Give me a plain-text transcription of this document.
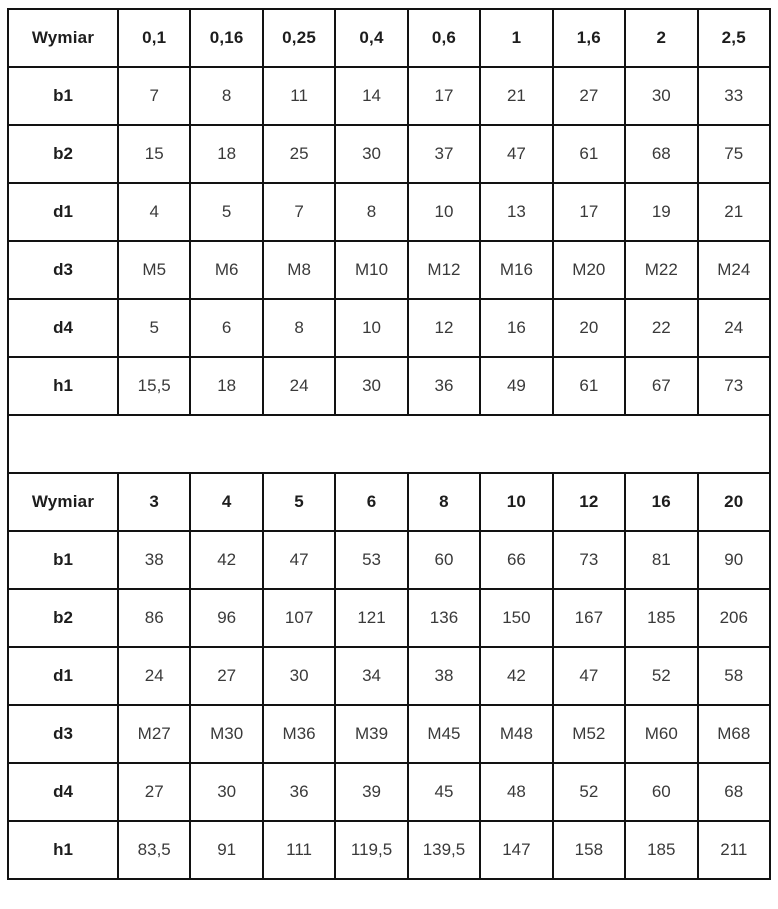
Wymiar	0,1	0,16	0,25	0,4	0,6	1	1,6	2	2,5
b1	7	8	11	14	17	21	27	30	33
b2	15	18	25	30	37	47	61	68	75
d1	4	5	7	8	10	13	17	19	21
d3	M5	M6	M8	M10	M12	M16	M20	M22	M24
d4	5	6	8	10	12	16	20	22	24
h1	15,5	18	24	30	36	49	61	67	73

Wymiar	3	4	5	6	8	10	12	16	20
b1	38	42	47	53	60	66	73	81	90
b2	86	96	107	121	136	150	167	185	206
d1	24	27	30	34	38	42	47	52	58
d3	M27	M30	M36	M39	M45	M48	M52	M60	M68
d4	27	30	36	39	45	48	52	60	68
h1	83,5	91	111	119,5	139,5	147	158	185	211
